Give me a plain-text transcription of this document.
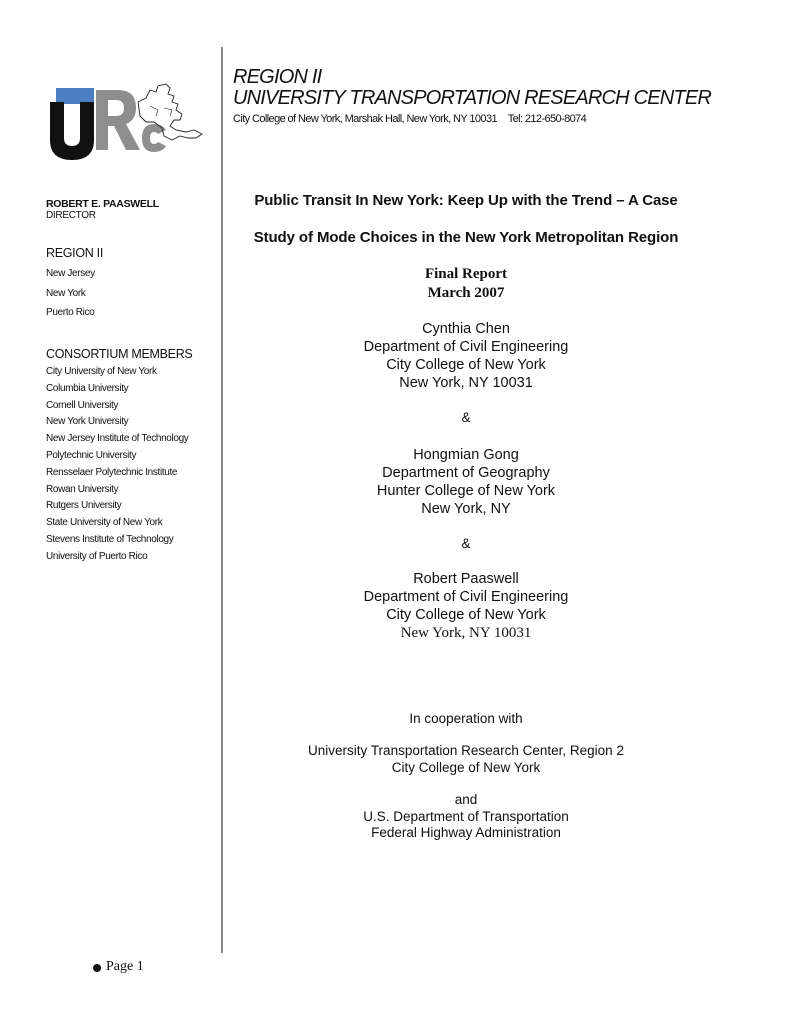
REGION II
UNIVERSITY TRANSPORTATION RESEARCH CENTER
City College of New York, Marshak Hall, New York, NY 10031 Tel: 212-650-8074
ROBERT E. PAASWELL
DIRECTOR
REGION II
New Jersey
New York
Puerto Rico
CONSORTIUM MEMBERS
City University of New York
Columbia University
Cornell University
New York University
New Jersey Institute of Technology
Polytechnic University
Rensselaer Polytechnic Institute
Rowan University
Rutgers University
State University of New York
Stevens Institute of Technology
University of Puerto Rico
Public Transit In New York: Keep Up with the Trend – A Case
Study of Mode Choices in the New York Metropolitan Region
Final Report
March 2007
Cynthia Chen
Department of Civil Engineering
City College of New York
New York, NY 10031
&
Hongmian Gong
Department of Geography
Hunter College of New York
New York, NY
&
Robert Paaswell
Department of Civil Engineering
City College of New York
New York, NY 10031
In cooperation with
University Transportation Research Center, Region 2
City College of New York
and
U.S. Department of Transportation
Federal Highway Administration
Page 1
